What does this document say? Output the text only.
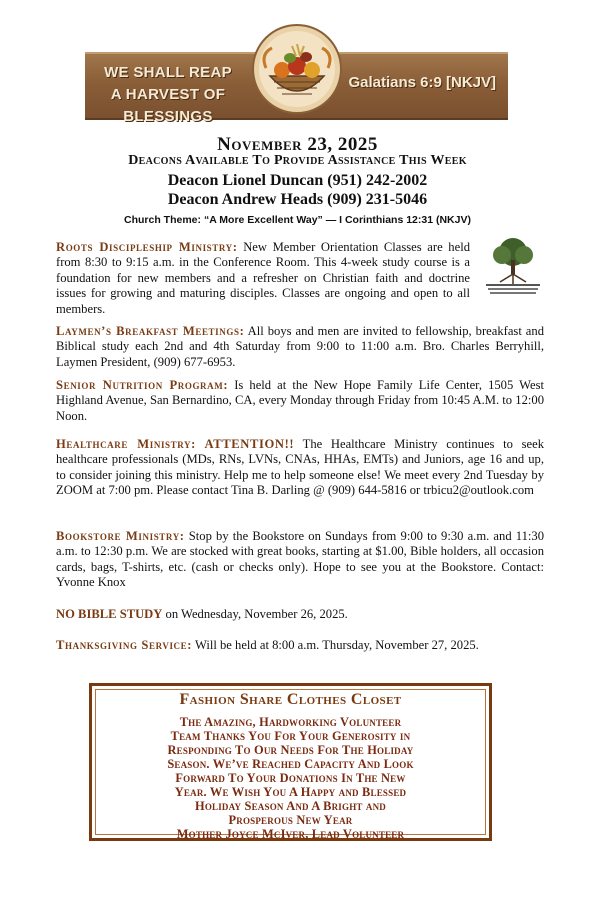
WE SHALL REAP
A HARVEST OF BLESSINGS
Galatians 6:9 [NKJV]
November 23, 2025
Deacons Available To Provide Assistance This Week
Deacon Lionel Duncan (951) 242-2002
Deacon Andrew Heads (909) 231-5046
Church Theme: “A More Excellent Way” — I Corinthians 12:31 (NKJV)
Roots Discipleship Ministry: New Member Orientation Classes are held from 8:30 to 9:15 a.m. in the Conference Room. This 4-week study course is a foundation for new members and a refresher on Christian faith and doctrine issues for growing and maturing disciples. Classes are ongoing and open to all members.
Laymen’s Breakfast Meetings: All boys and men are invited to fellowship, breakfast and Biblical study each 2nd and 4th Saturday from 9:00 to 11:00 a.m. Bro. Charles Berryhill, Laymen President, (909) 677-6953.
Senior Nutrition Program: Is held at the New Hope Family Life Center, 1505 West Highland Avenue, San Bernardino, CA, every Monday through Friday from 10:45 A.M. to 12:00 Noon.
Healthcare Ministry: ATTENTION!! The Healthcare Ministry continues to seek healthcare professionals (MDs, RNs, LVNs, CNAs, HHAs, EMTs) and Juniors, age 16 and up, to consider joining this ministry. Help me to help someone else! We meet every 2nd Tuesday by ZOOM at 7:00 pm. Please contact Tina B. Darling @ (909) 644-5816 or trbicu2@outlook.com
Bookstore Ministry: Stop by the Bookstore on Sundays from 9:00 to 9:30 a.m. and 11:30 a.m. to 12:30 p.m. We are stocked with great books, starting at $1.00, Bible holders, all occasion cards, bags, T-shirts, etc. (cash or checks only). Hope to see you at the Bookstore. Contact: Yvonne Knox
NO BIBLE STUDY on Wednesday, November 26, 2025.
Thanksgiving Service: Will be held at 8:00 a.m. Thursday, November 27, 2025.
Fashion Share Clothes Closet
The Amazing, Hardworking Volunteer
Team Thanks You For Your Generosity in
Responding To Our Needs For The Holiday
Season. We’ve Reached Capacity And Look
Forward To Your Donations In The New
Year. We Wish You A Happy and Blessed
Holiday Season And A Bright and
Prosperous New Year
Mother Joyce McIver, Lead Volunteer
